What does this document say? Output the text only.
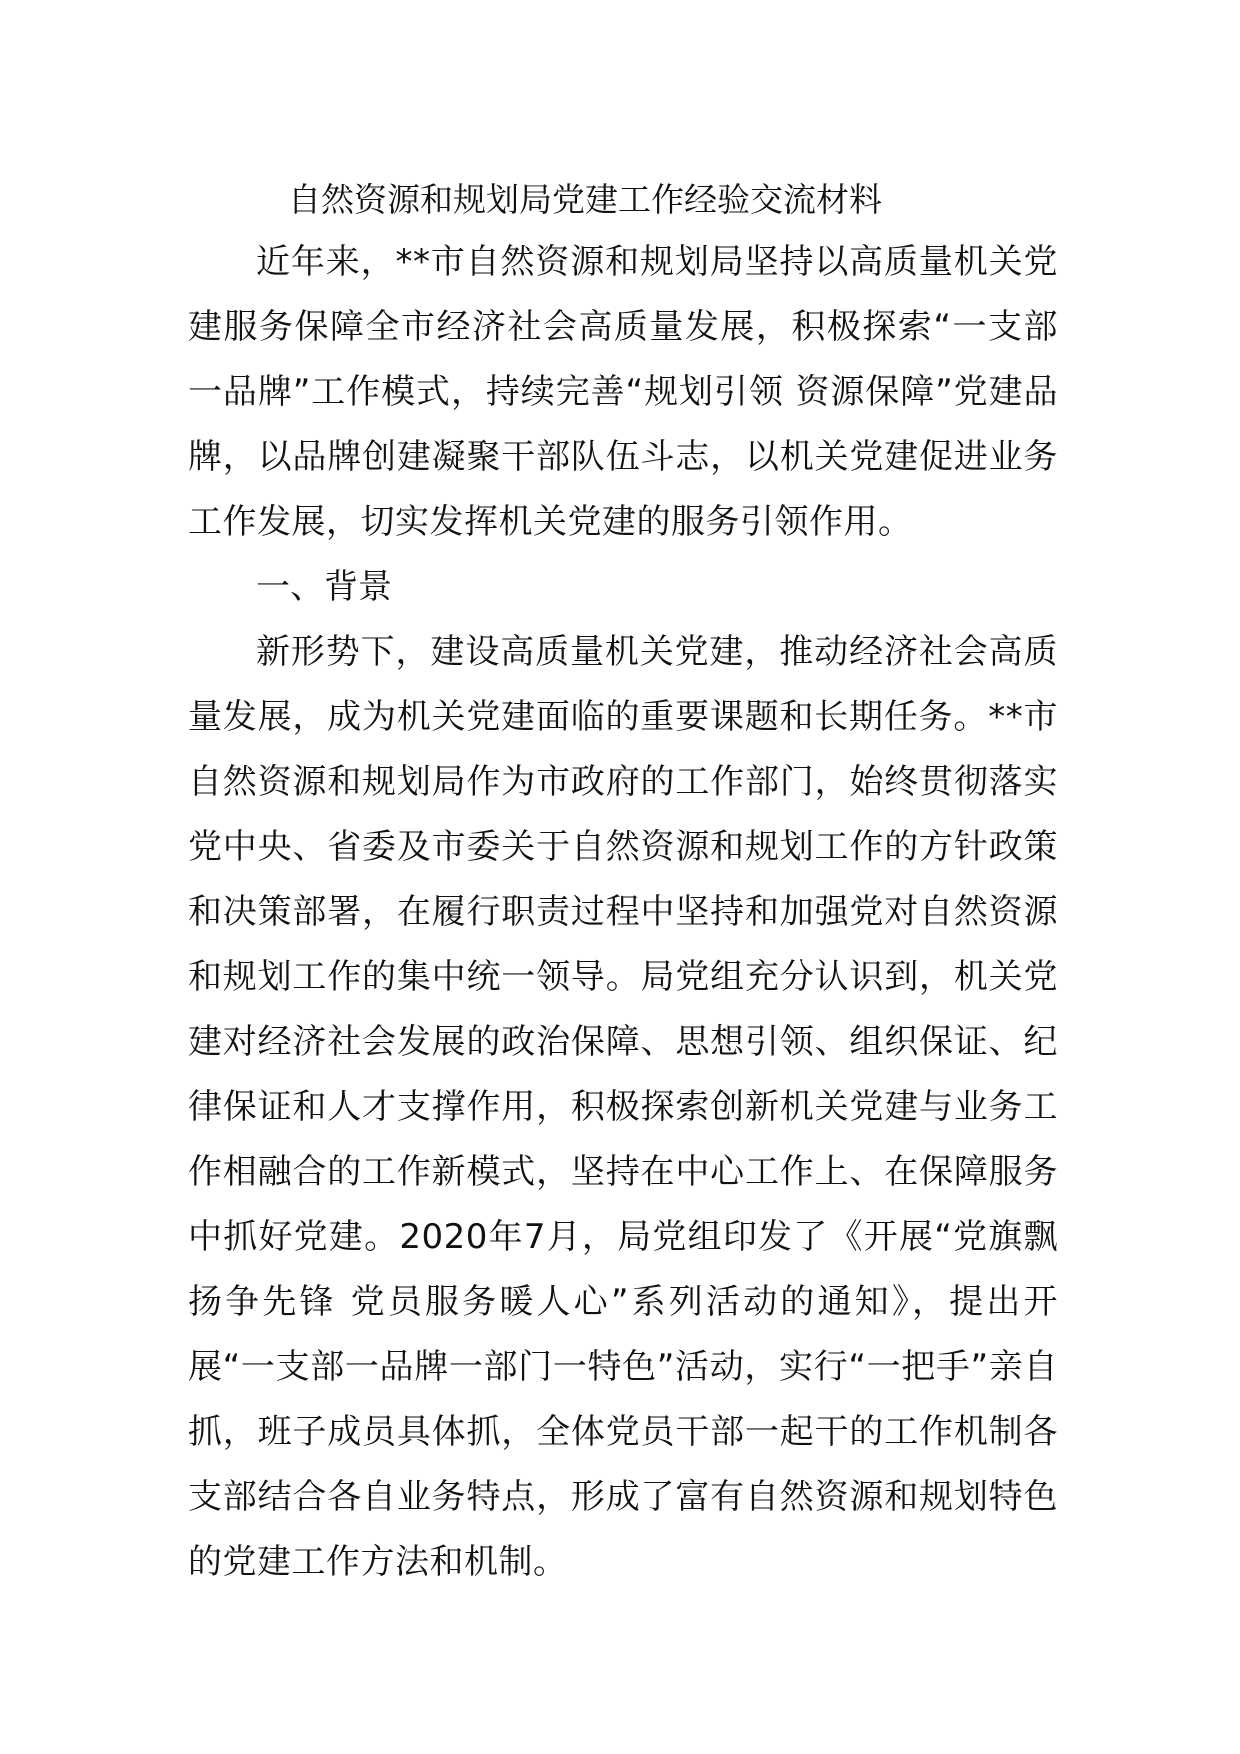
自然资源和规划局党建工作经验交流材料

近年来，**市自然资源和规划局坚持以高质量机关党建服务保障全市经济社会高质量发展，积极探索“一支部一品牌”工作模式，持续完善“规划引领 资源保障”党建品牌，以品牌创建凝聚干部队伍斗志，以机关党建促进业务工作发展，切实发挥机关党建的服务引领作用。

一、背景

新形势下，建设高质量机关党建，推动经济社会高质量发展，成为机关党建面临的重要课题和长期任务。**市自然资源和规划局作为市政府的工作部门，始终贯彻落实党中央、省委及市委关于自然资源和规划工作的方针政策和决策部署，在履行职责过程中坚持和加强党对自然资源和规划工作的集中统一领导。局党组充分认识到，机关党建对经济社会发展的政治保障、思想引领、组织保证、纪律保证和人才支撑作用，积极探索创新机关党建与业务工作相融合的工作新模式，坚持在中心工作上、在保障服务中抓好党建。2020年7月，局党组印发了《开展“党旗飘扬争先锋 党员服务暖人心”系列活动的通知》，提出开展“一支部一品牌一部门一特色”活动，实行“一把手”亲自抓，班子成员具体抓，全体党员干部一起干的工作机制各支部结合各自业务特点，形成了富有自然资源和规划特色的党建工作方法和机制。
